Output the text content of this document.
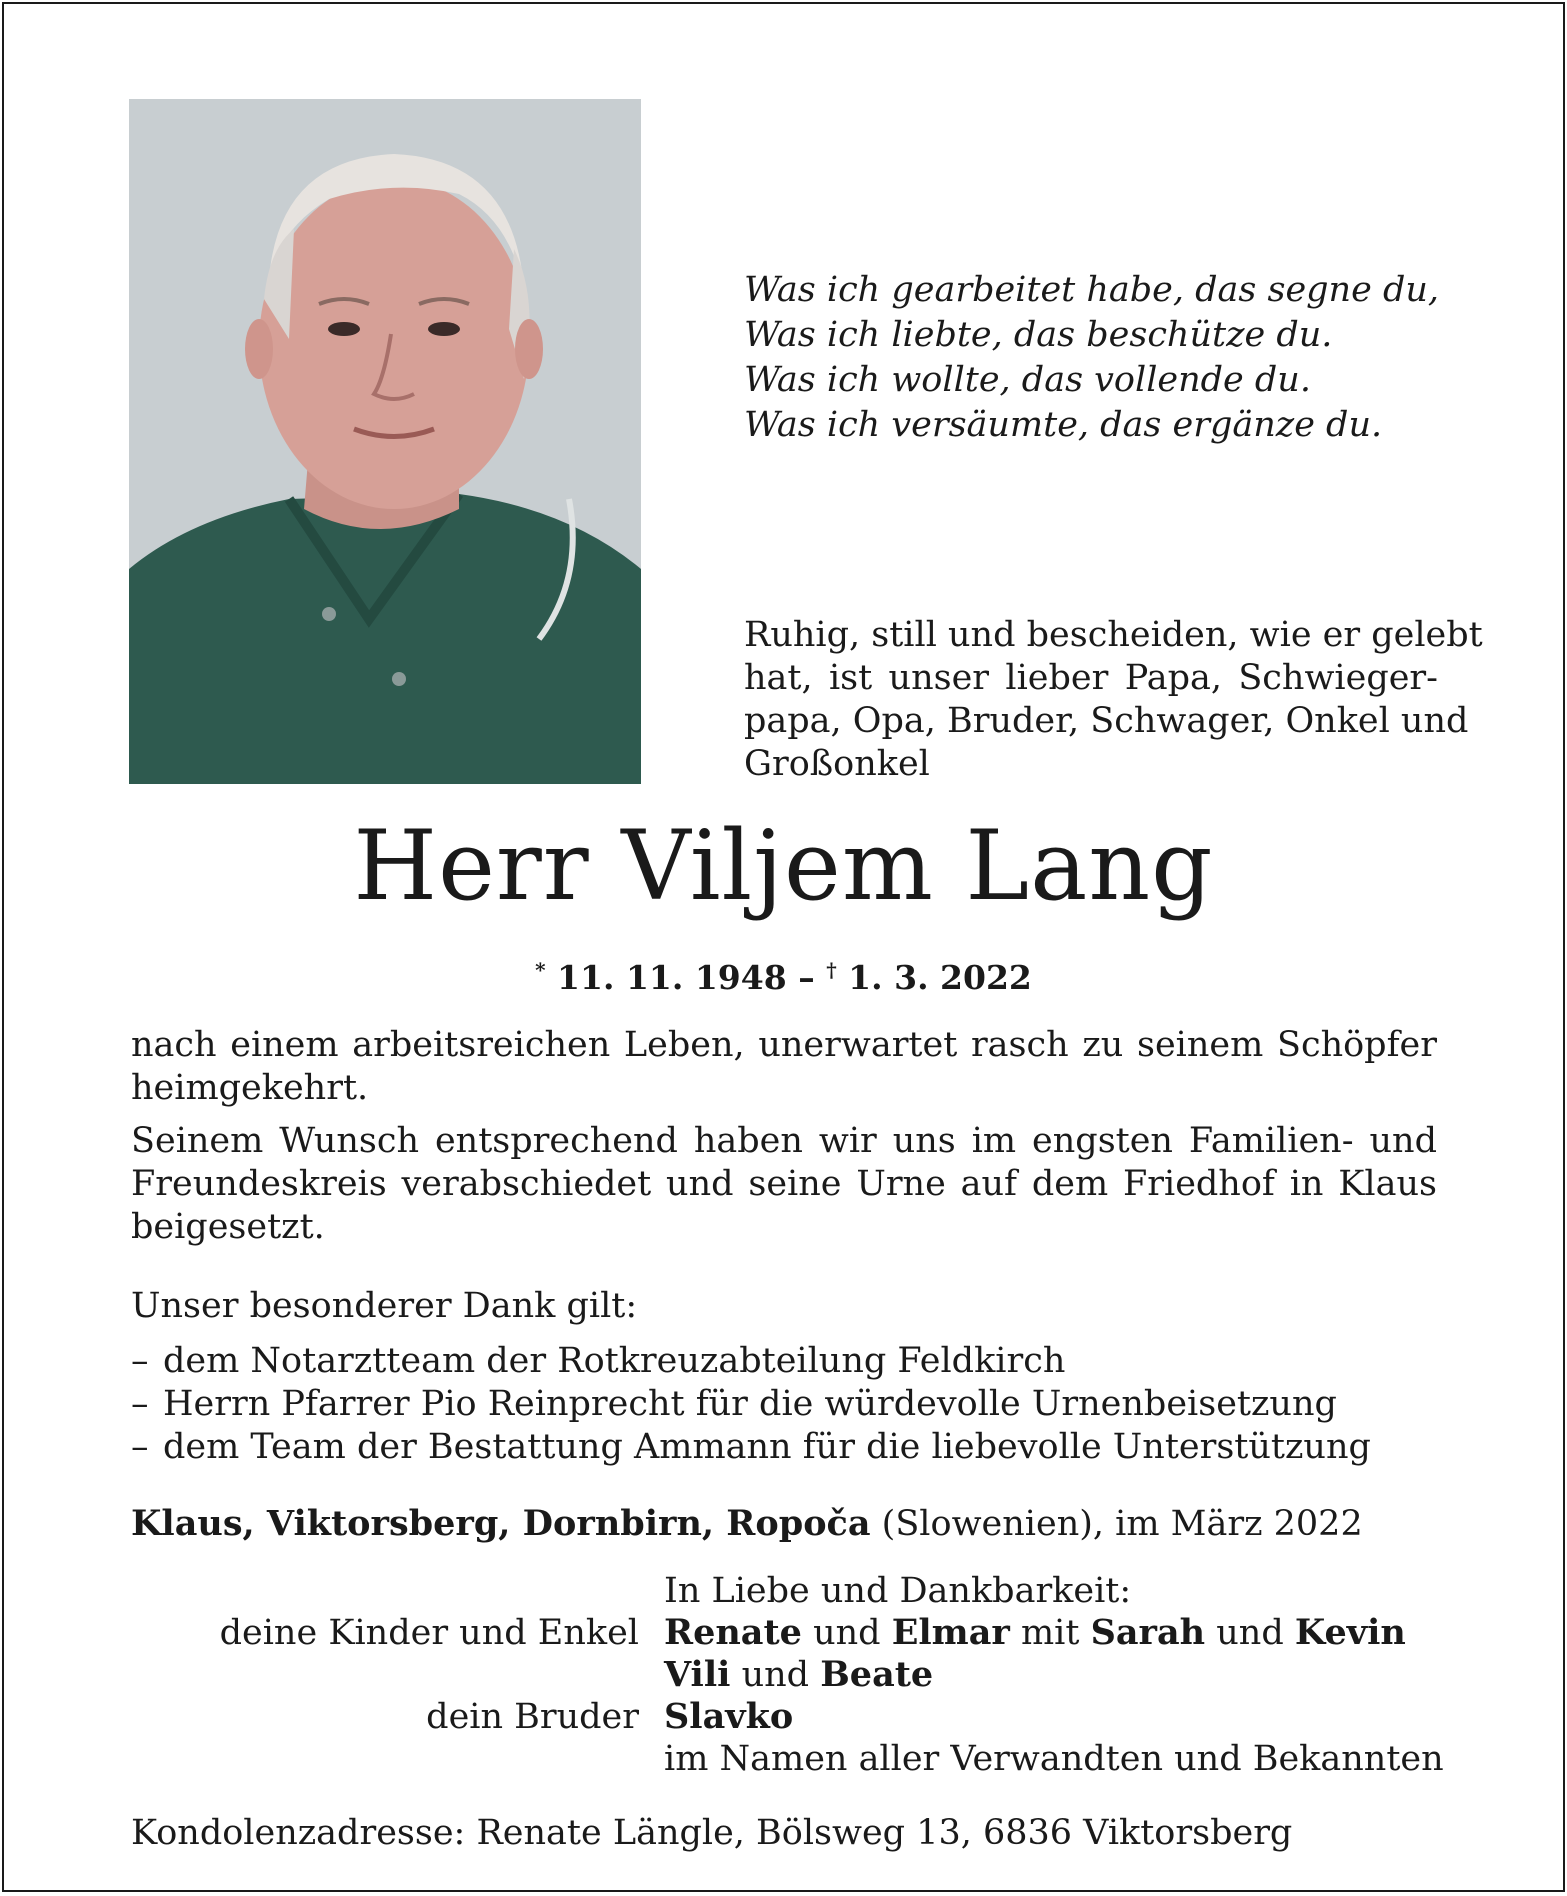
Was ich gearbeitet habe, das segne du,
Was ich liebte, das beschütze du.
Was ich wollte, das vollende du.
Was ich versäumte, das ergänze du.
Ruhig, still und bescheiden, wie er gelebt
hat, ist unser lieber Papa, Schwieger-
papa, Opa, Bruder, Schwager, Onkel und
Großonkel
Herr Viljem Lang
* 11. 11. 1948 – † 1. 3. 2022
nach einem arbeitsreichen Leben, unerwartet rasch zu seinem Schöpfer
heimgekehrt.
Seinem Wunsch entsprechend haben wir uns im engsten Familien- und
Freundeskreis verabschiedet und seine Urne auf dem Friedhof in Klaus
beigesetzt.
Unser besonderer Dank gilt:
– dem Notarztteam der Rotkreuzabteilung Feldkirch
– Herrn Pfarrer Pio Reinprecht für die würdevolle Urnenbeisetzung
– dem Team der Bestattung Ammann für die liebevolle Unterstützung
Klaus, Viktorsberg, Dornbirn, Ropoča (Slowenien), im März 2022
In Liebe und Dankbarkeit:
deine Kinder und Enkel Renate und Elmar mit Sarah und Kevin
Vili und Beate
dein Bruder Slavko
im Namen aller Verwandten und Bekannten
Kondolenzadresse: Renate Längle, Bölsweg 13, 6836 Viktorsberg
